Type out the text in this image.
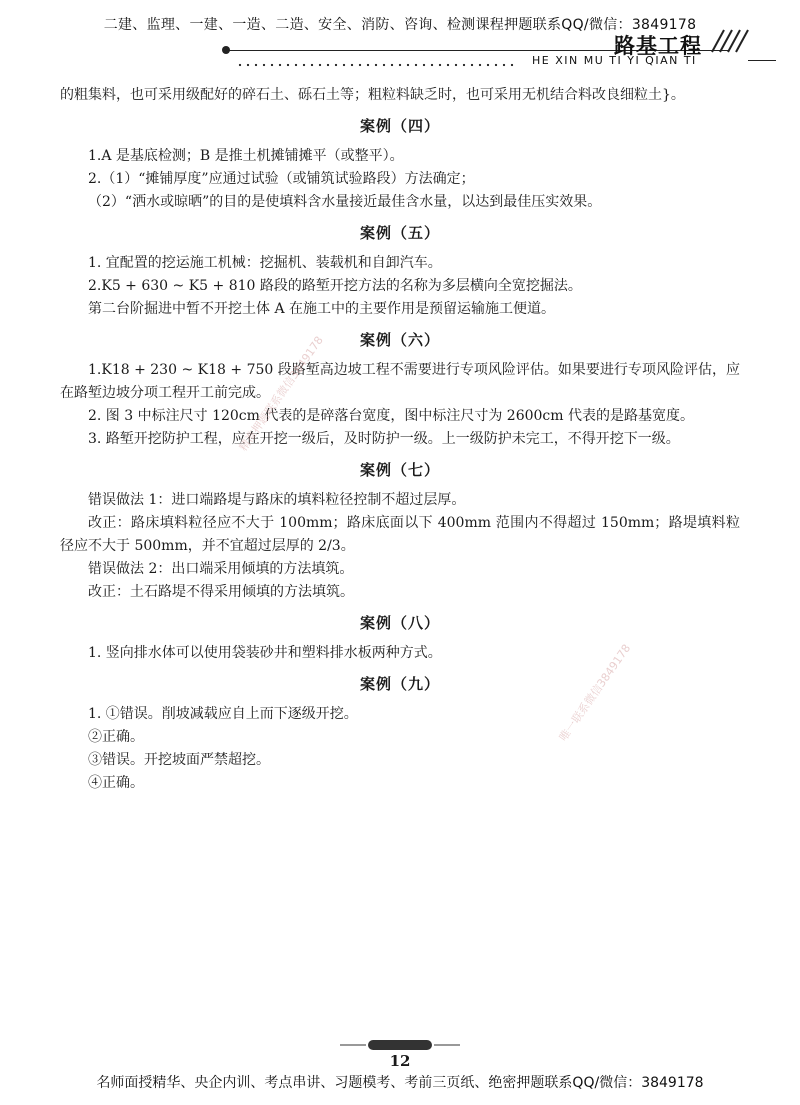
二建、监理、一建、一造、二造、安全、消防、咨询、检测课程押题联系QQ/微信：3849178
路基工程
HE XIN MU TI YI QIAN TI

的粗集料，也可采用级配好的碎石土、砾石土等；粗粒料缺乏时，也可采用无机结合料改良细粒土}。

案例（四）

1.A 是基底检测；B 是推土机摊铺摊平（或整平）。

2.（1）“摊铺厚度”应通过试验（或铺筑试验路段）方法确定；

（2）“洒水或晾晒”的目的是使填料含水量接近最佳含水量，以达到最佳压实效果。

案例（五）

1. 宜配置的挖运施工机械：挖掘机、装载机和自卸汽车。

2.K5 + 630 ~ K5 + 810 路段的路堑开挖方法的名称为多层横向全宽挖掘法。

第二台阶掘进中暂不开挖土体 A 在施工中的主要作用是预留运输施工便道。

案例（六）

1.K18 + 230 ~ K18 + 750 段路堑高边坡工程不需要进行专项风险评估。如果要进行专项风险评估，应在路堑边坡分项工程开工前完成。

2. 图 3 中标注尺寸 120cm 代表的是碎落台宽度，图中标注尺寸为 2600cm 代表的是路基宽度。

3. 路堑开挖防护工程，应在开挖一级后，及时防护一级。上一级防护未完工，不得开挖下一级。

案例（七）

错误做法 1：进口端路堤与路床的填料粒径控制不超过层厚。

改正：路床填料粒径应不大于 100mm；路床底面以下 400mm 范围内不得超过 150mm；路堤填料粒径应不大于 500mm，并不宜超过层厚的 2/3。

错误做法 2：出口端采用倾填的方法填筑。

改正：土石路堤不得采用倾填的方法填筑。

案例（八）

1. 竖向排水体可以使用袋装砂井和塑料排水板两种方式。

案例（九）

1. ①错误。削坡减载应自上而下逐级开挖。

②正确。

③错误。开挖坡面严禁超挖。

④正确。

精准押题联系微信3849178
唯一联系微信3849178
12
名师面授精华、央企内训、考点串讲、习题模考、考前三页纸、绝密押题联系QQ/微信：3849178
